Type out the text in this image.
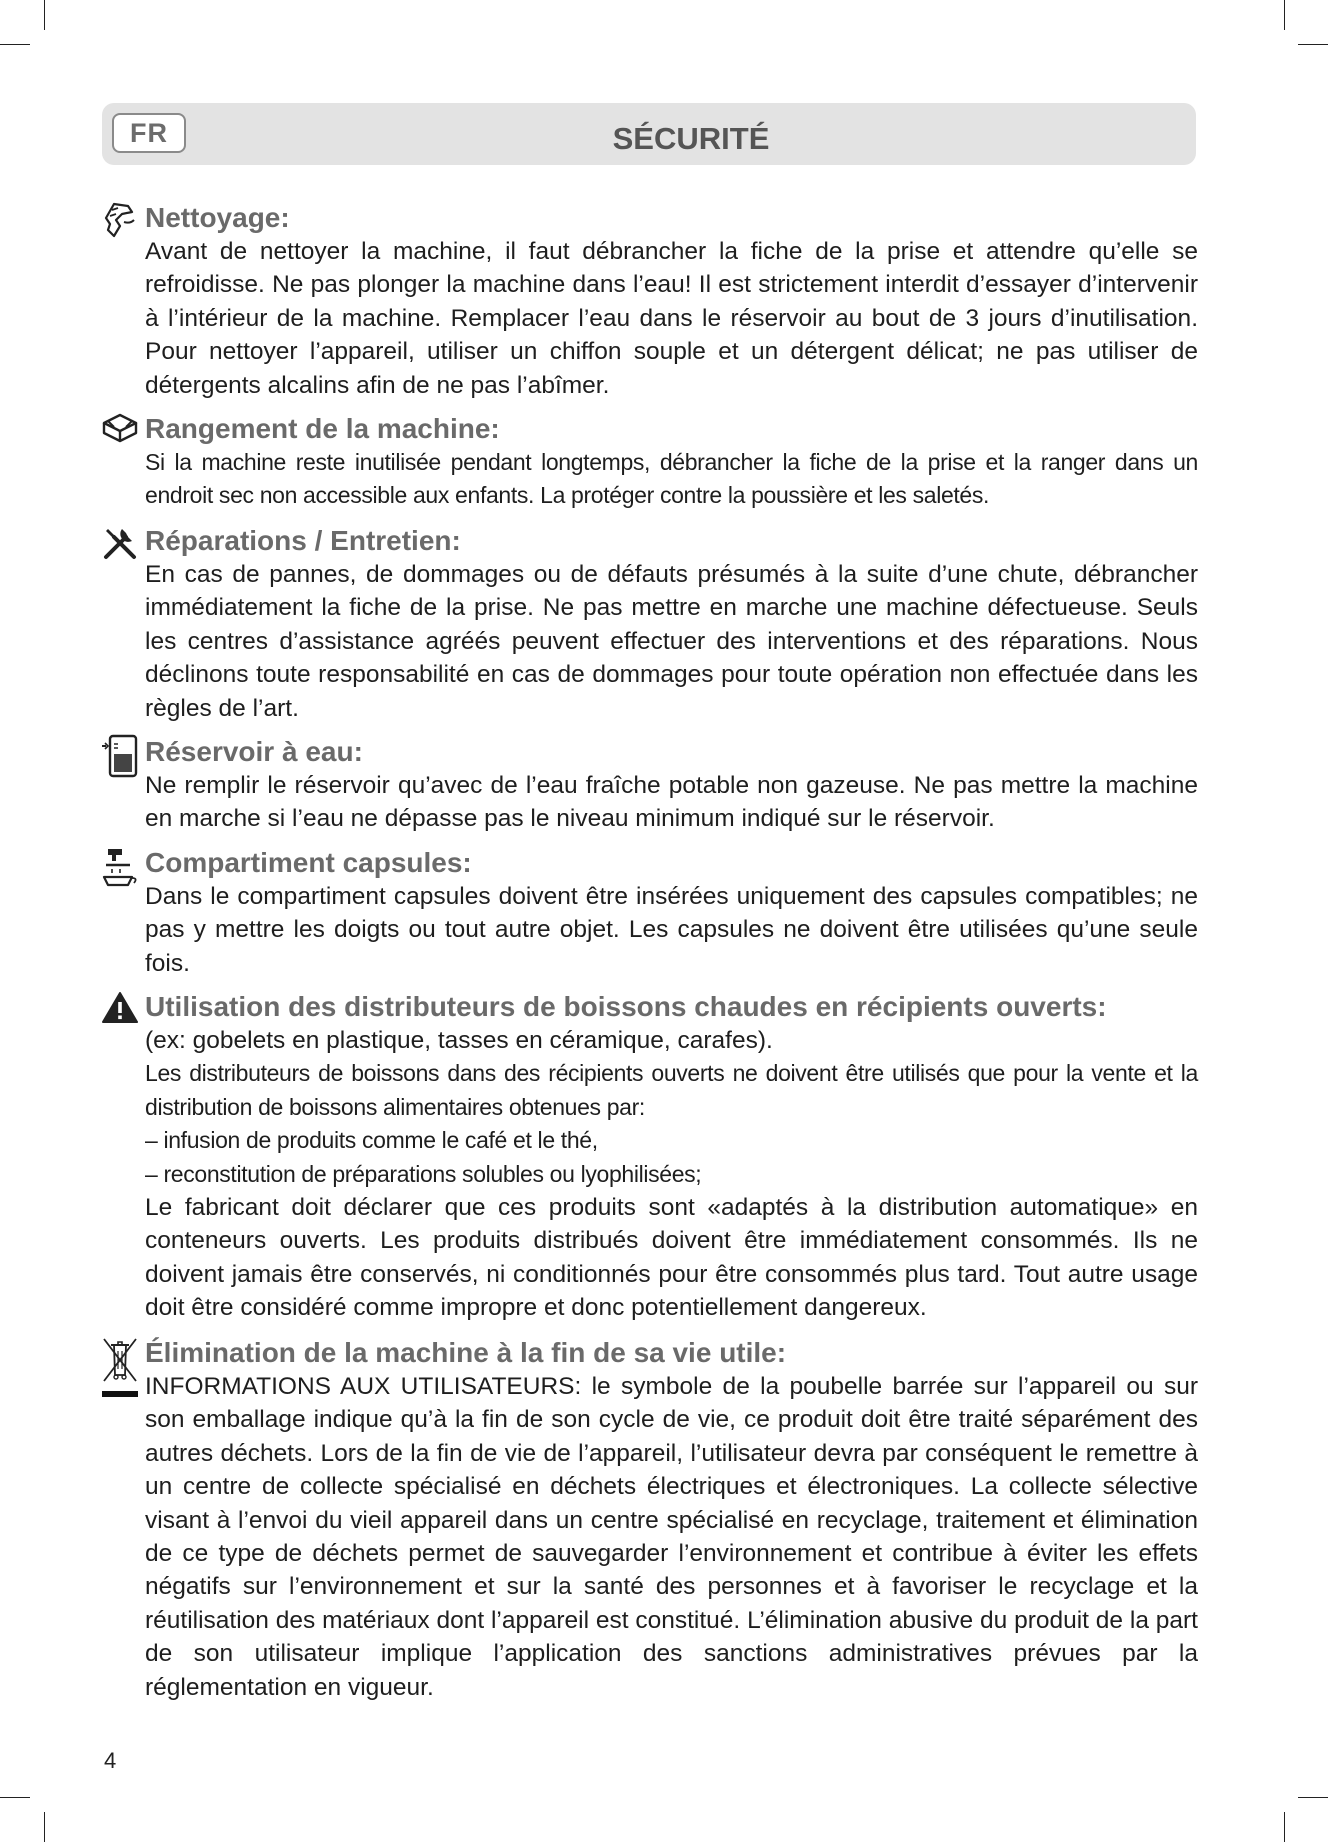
FR	SÉCURITÉ
Nettoyage:

Avant de nettoyer la machine, il faut débrancher la fiche de la prise et attendre qu’elle se refroidisse. Ne pas plonger la machine dans l’eau! Il est strictement interdit d’essayer d’intervenir à l’intérieur de la machine. Remplacer l’eau dans le réservoir au bout de 3 jours d’inutilisation. Pour nettoyer l’appareil, utiliser un chiffon souple et un détergent délicat; ne pas utiliser de détergents alcalins afin de ne pas l’abîmer.

Rangement de la machine:

Si la machine reste inutilisée pendant longtemps, débrancher la fiche de la prise et la ranger dans un endroit sec non accessible aux enfants. La protéger contre la poussière et les saletés.

Réparations / Entretien:

En cas de pannes, de dommages ou de défauts présumés à la suite d’une chute, débrancher immédiatement la fiche de la prise. Ne pas mettre en marche une machine défectueuse. Seuls les centres d’assistance agréés peuvent effectuer des interventions et des réparations. Nous déclinons toute responsabilité en cas de dommages pour toute opération non effectuée dans les règles de l’art.

Réservoir à eau:

Ne remplir le réservoir qu’avec de l’eau fraîche potable non gazeuse. Ne pas mettre la machine en marche si l’eau ne dépasse pas le niveau minimum indiqué sur le réservoir.

Compartiment capsules:

Dans le compartiment capsules doivent être insérées uniquement des capsules compatibles; ne pas y mettre les doigts ou tout autre objet. Les capsules ne doivent être utilisées qu’une seule fois.

Utilisation des distributeurs de boissons chaudes en récipients ouverts:

(ex: gobelets en plastique, tasses en céramique, carafes).

Les distributeurs de boissons dans des récipients ouverts ne doivent être utilisés que pour la vente et la distribution de boissons alimentaires obtenues par:

– infusion de produits comme le café et le thé,

– reconstitution de préparations solubles ou lyophilisées;

Le fabricant doit déclarer que ces produits sont «adaptés à la distribution automatique» en conteneurs ouverts. Les produits distribués doivent être immédiatement consommés. Ils ne doivent jamais être conservés, ni conditionnés pour être consommés plus tard. Tout autre usage doit être considéré comme impropre et donc potentiellement dangereux.

Élimination de la machine à la fin de sa vie utile:

INFORMATIONS AUX UTILISATEURS: le symbole de la poubelle barrée sur l’appareil ou sur son emballage indique qu’à la fin de son cycle de vie, ce produit doit être traité séparément des autres déchets. Lors de la fin de vie de l’appareil, l’utilisateur devra par conséquent le remettre à un centre de collecte spécialisé en déchets électriques et électroniques. La collecte sélective visant à l’envoi du vieil appareil dans un centre spécialisé en recyclage, traitement et élimination de ce type de déchets permet de sauvegarder l’environnement et contribue à éviter les effets négatifs sur l’environnement et sur la santé des personnes et à favoriser le recyclage et la réutilisation des matériaux dont l’appareil est constitué. L’élimination abusive du produit de la part de son utilisateur implique l’application des sanctions administratives prévues par la réglementation en vigueur.

4
